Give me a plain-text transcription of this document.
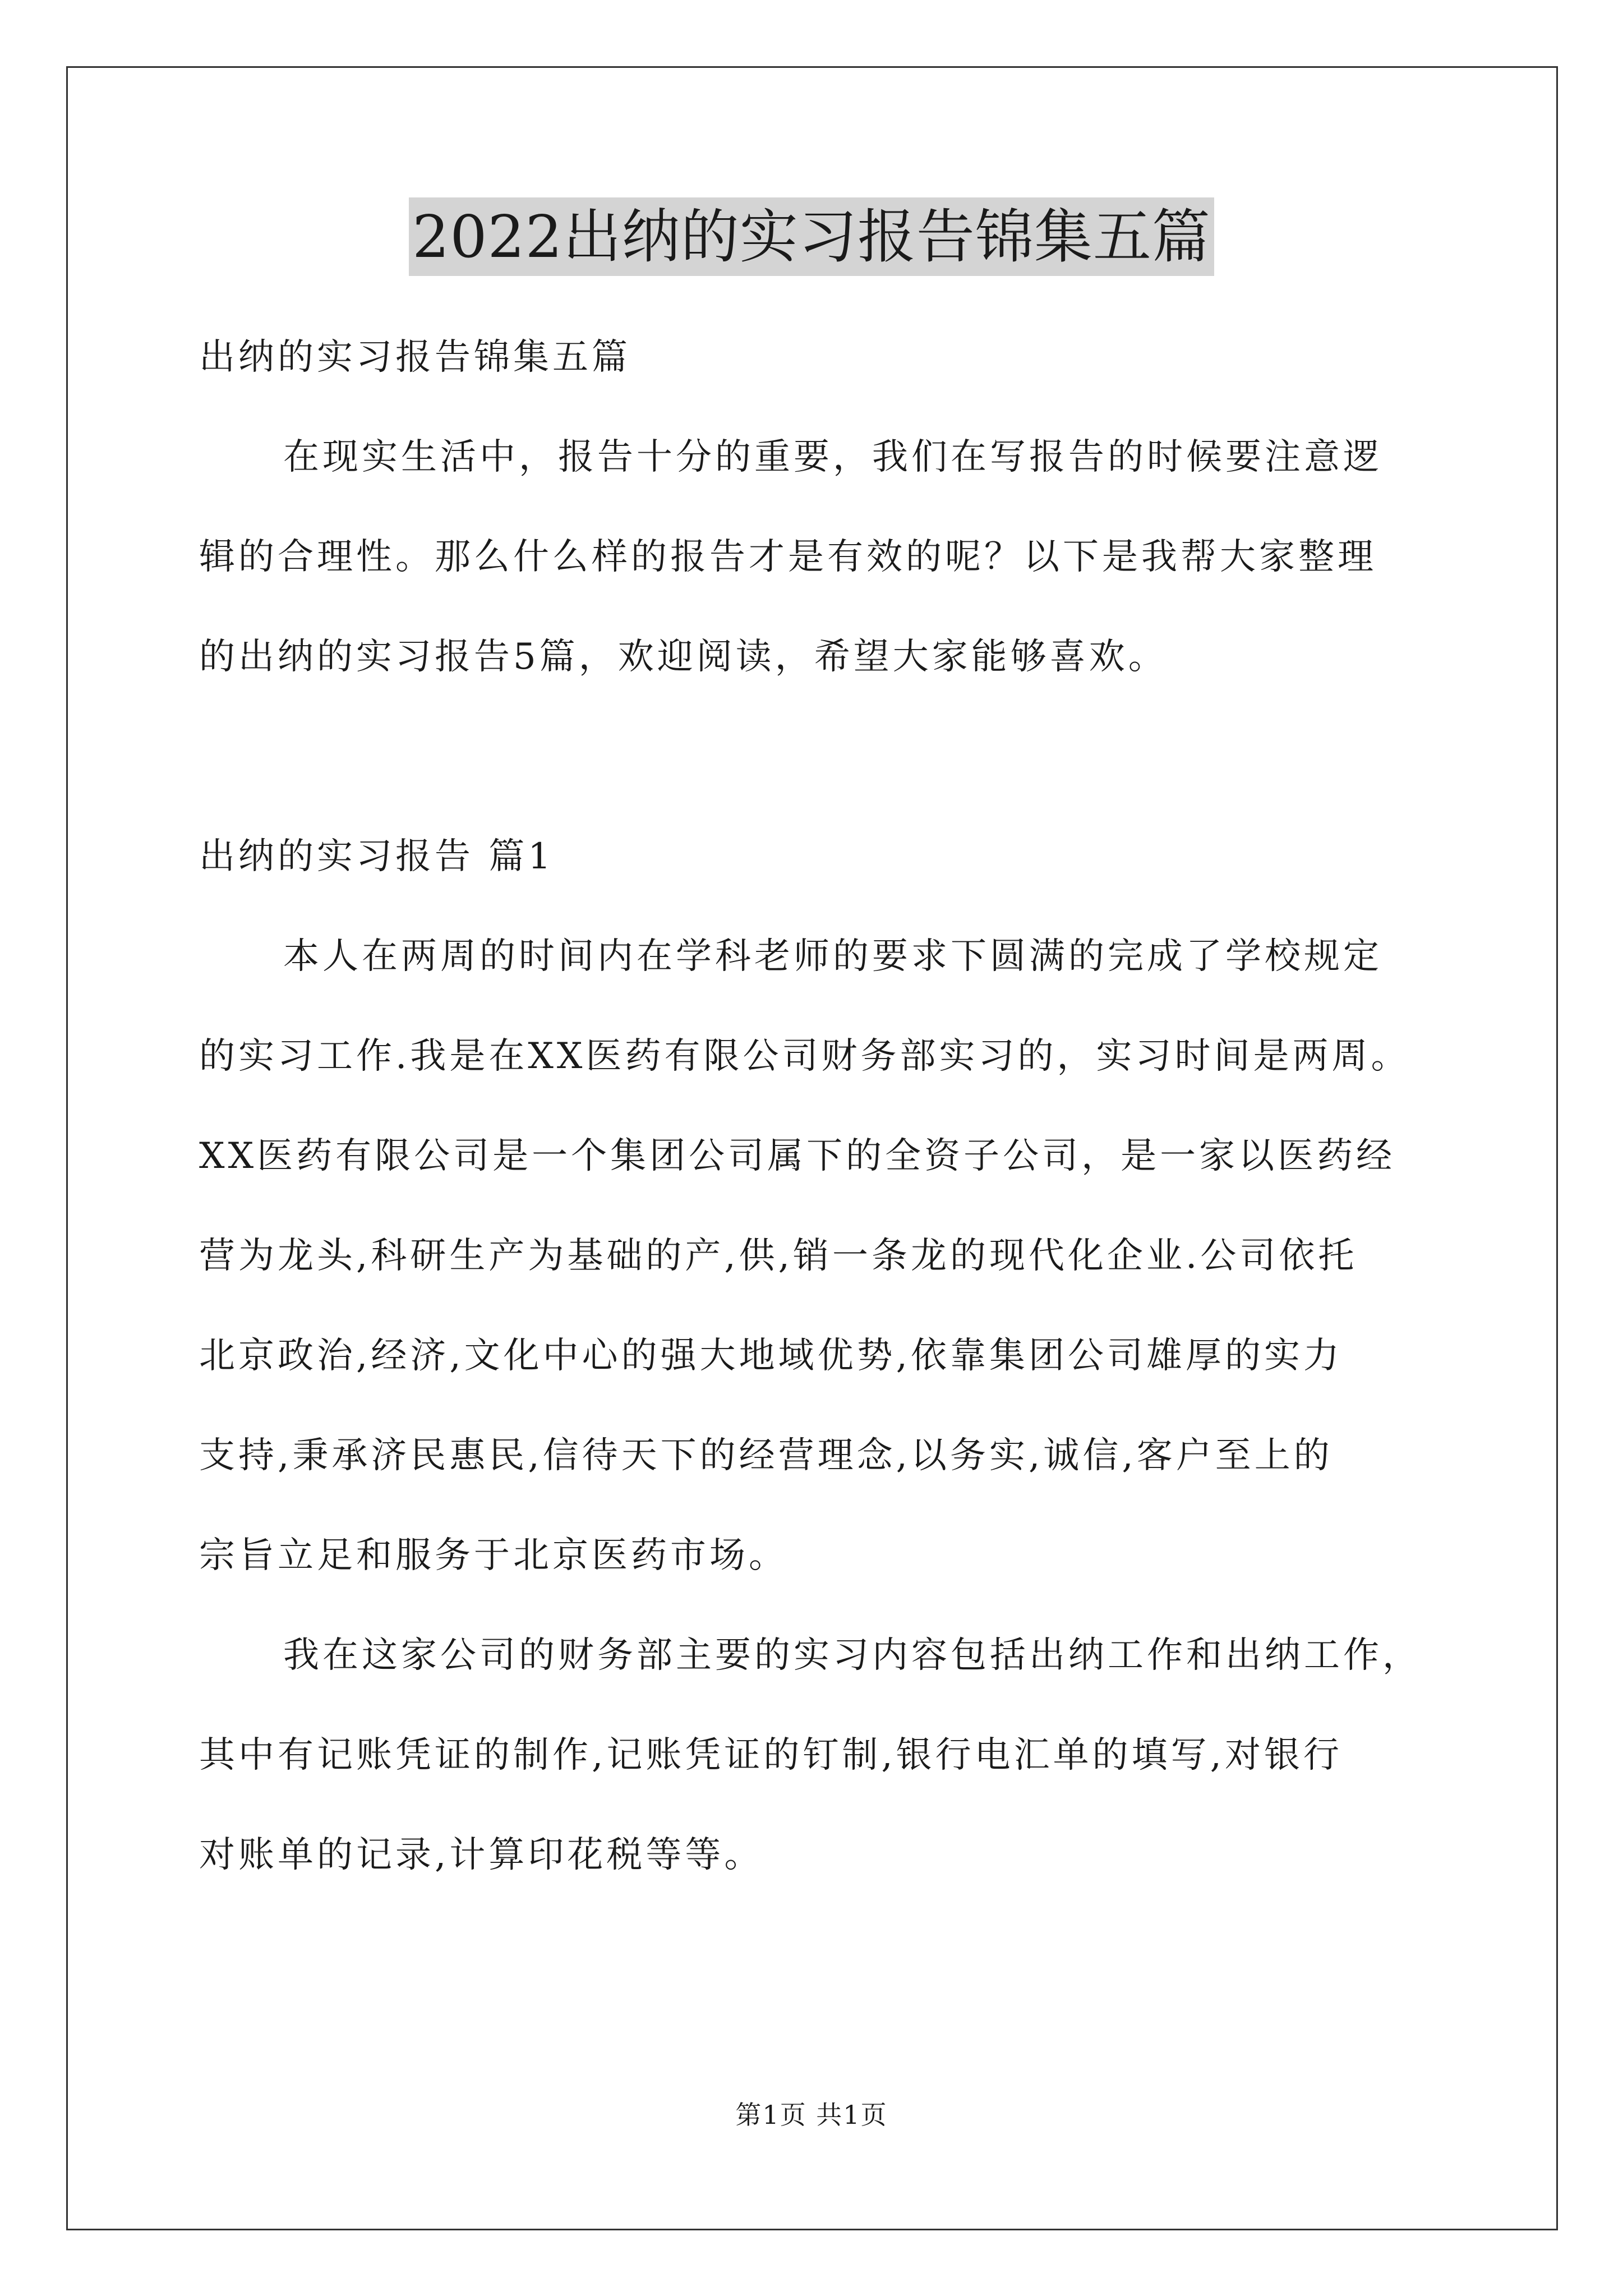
2022出纳的实习报告锦集五篇
出纳的实习报告锦集五篇
在现实生活中，报告十分的重要，我们在写报告的时候要注意逻
辑的合理性。那么什么样的报告才是有效的呢？以下是我帮大家整理
的出纳的实习报告5篇，欢迎阅读，希望大家能够喜欢。
出纳的实习报告 篇1
本人在两周的时间内在学科老师的要求下圆满的完成了学校规定
的实习工作.我是在XX医药有限公司财务部实习的，实习时间是两周。
XX医药有限公司是一个集团公司属下的全资子公司，是一家以医药经
营为龙头,科研生产为基础的产,供,销一条龙的现代化企业.公司依托
北京政治,经济,文化中心的强大地域优势,依靠集团公司雄厚的实力
支持,秉承济民惠民,信待天下的经营理念,以务实,诚信,客户至上的
宗旨立足和服务于北京医药市场。
我在这家公司的财务部主要的实习内容包括出纳工作和出纳工作，
其中有记账凭证的制作,记账凭证的钉制,银行电汇单的填写,对银行
对账单的记录,计算印花税等等。
第1页 共1页
